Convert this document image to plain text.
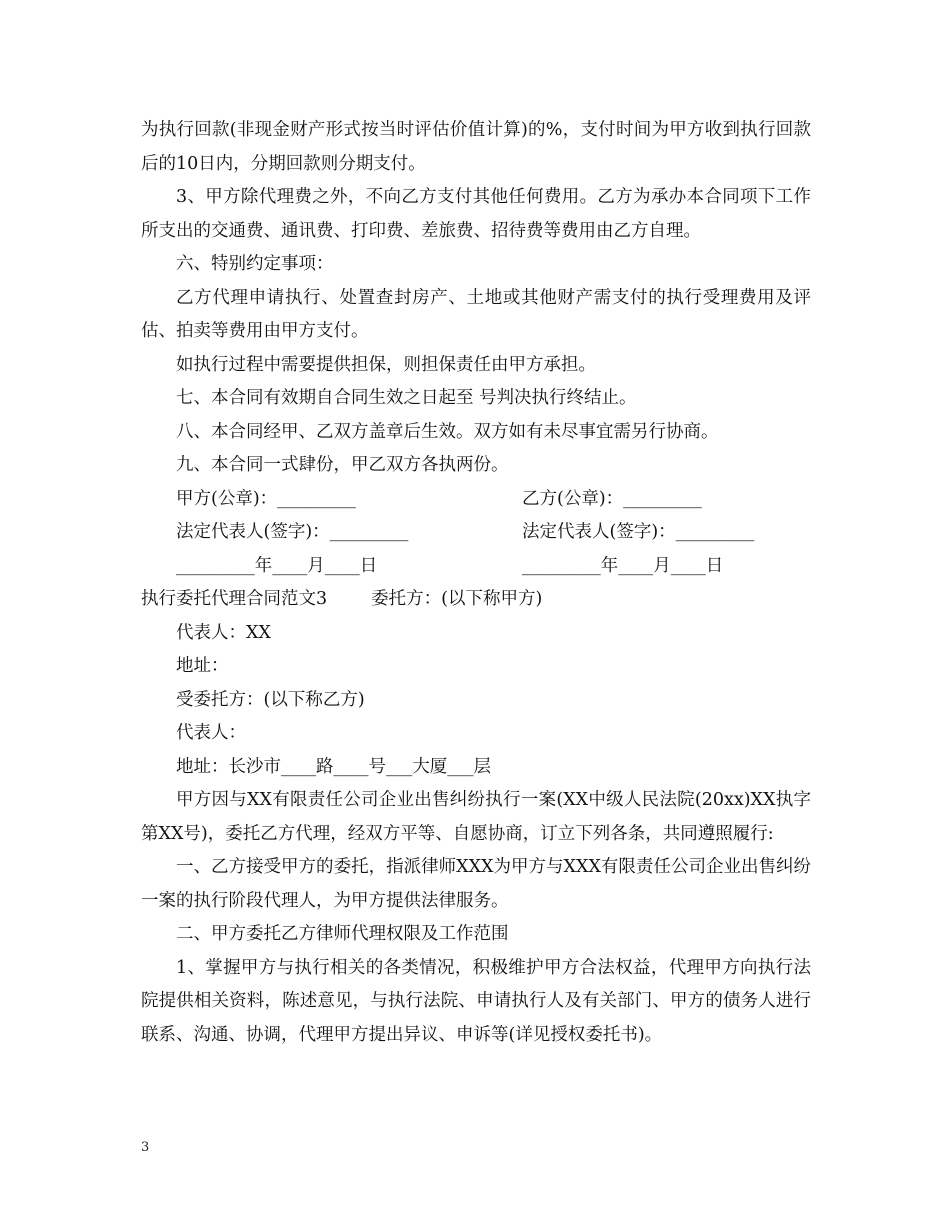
为执行回款(非现金财产形式按当时评估价值计算)的%，支付时间为甲方收到执行回款后的10日内，分期回款则分期支付。

3、甲方除代理费之外，不向乙方支付其他任何费用。乙方为承办本合同项下工作所支出的交通费、通讯费、打印费、差旅费、招待费等费用由乙方自理。

六、特别约定事项：

乙方代理申请执行、处置查封房产、土地或其他财产需支付的执行受理费用及评估、拍卖等费用由甲方支付。

如执行过程中需要提供担保，则担保责任由甲方承担。

七、本合同有效期自合同生效之日起至 号判决执行终结止。

八、本合同经甲、乙双方盖章后生效。双方如有未尽事宜需另行协商。

九、本合同一式肆份，甲乙双方各执两份。

甲方(公章)：_________	乙方(公章)：_________
法定代表人(签字)：_________	法定代表人(签字)：_________
_________年____月____日	_________年____月____日

执行委托代理合同范文3	委托方：(以下称甲方)

代表人：XX

地址：

受委托方：(以下称乙方)

代表人：

地址：长沙市____路____号___大厦___层

甲方因与XX有限责任公司企业出售纠纷执行一案(XX中级人民法院(20xx)XX执字第XX号)，委托乙方代理，经双方平等、自愿协商，订立下列各条，共同遵照履行:

一、乙方接受甲方的委托，指派律师XXX为甲方与XXX有限责任公司企业出售纠纷一案的执行阶段代理人，为甲方提供法律服务。

二、甲方委托乙方律师代理权限及工作范围

1、掌握甲方与执行相关的各类情况，积极维护甲方合法权益，代理甲方向执行法院提供相关资料，陈述意见，与执行法院、申请执行人及有关部门、甲方的债务人进行联系、沟通、协调，代理甲方提出异议、申诉等(详见授权委托书)。

3
